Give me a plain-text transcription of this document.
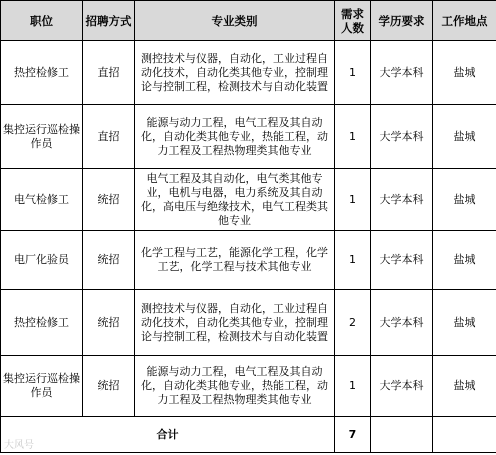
职位	招聘方式	专业类别	需求人数	学历要求	工作地点
热控检修工	直招	测控技术与仪器，自动化，工业过程自动化技术，自动化类其他专业，控制理论与控制工程，检测技术与自动化装置	1	大学本科	盐城
集控运行巡检操作员	直招	能源与动力工程，电气工程及其自动化，自动化类其他专业，热能工程，动力工程及工程热物理类其他专业	1	大学本科	盐城
电气检修工	统招	电气工程及其自动化，电气类其他专业，电机与电器，电力系统及其自动化，高电压与绝缘技术，电气工程类其他专业	1	大学本科	盐城
电厂化验员	统招	化学工程与工艺，能源化学工程，化学工艺，化学工程与技术其他专业	1	大学本科	盐城
热控检修工	统招	测控技术与仪器，自动化，工业过程自动化技术，自动化类其他专业，控制理论与控制工程，检测技术与自动化装置	2	大学本科	盐城
集控运行巡检操作员	统招	能源与动力工程，电气工程及其自动化，自动化类其他专业，热能工程，动力工程及工程热物理类其他专业	1	大学本科	盐城
合计			7		
大风号
